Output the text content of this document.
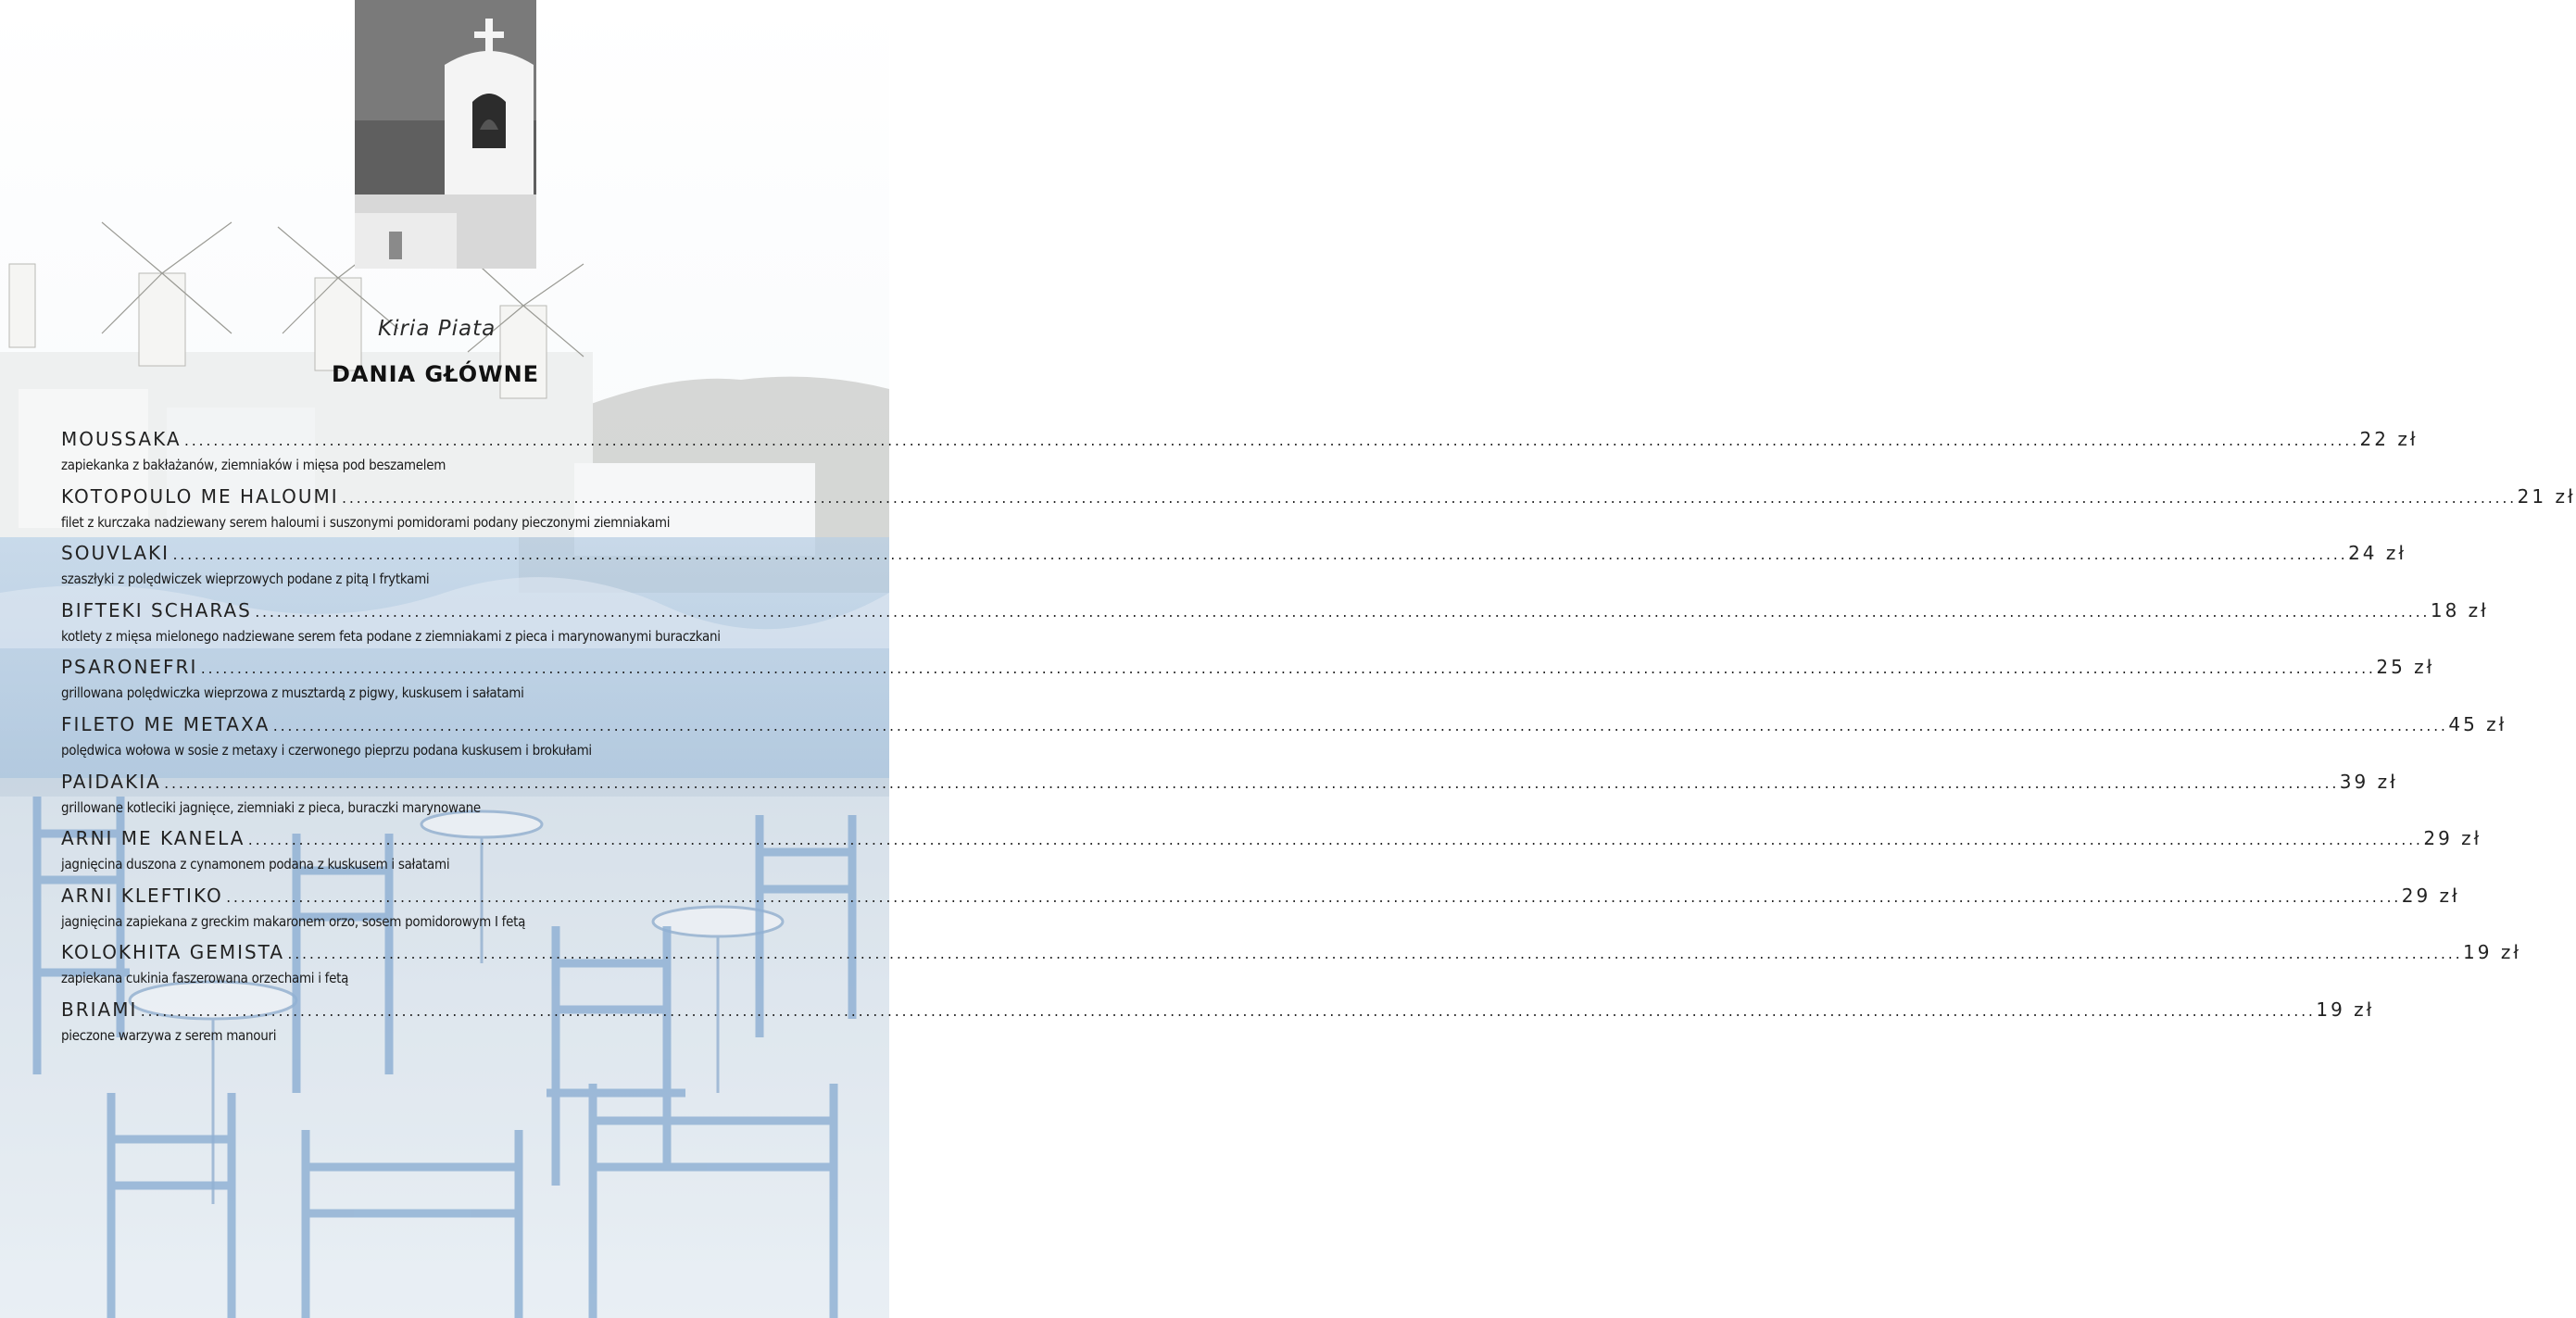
Kiria Piata
DANIA GŁÓWNE
MOUSSAKA ............................................................................................................................................................................................................................................................................................................ 22 zł
zapiekanka z bakłażanów, ziemniaków i mięsa pod beszamelem
KOTOPOULO ME HALOUMI ............................................................................................................................................................................................................................................................................................................ 21 zł
filet z kurczaka nadziewany serem haloumi i suszonymi pomidorami podany pieczonymi ziemniakami
SOUVLAKI ............................................................................................................................................................................................................................................................................................................ 24 zł
szaszłyki z polędwiczek wieprzowych podane z pitą I frytkami
BIFTEKI SCHARAS ............................................................................................................................................................................................................................................................................................................ 18 zł
kotlety z mięsa mielonego nadziewane serem feta podane z ziemniakami z pieca i marynowanymi buraczkani
PSARONEFRI ............................................................................................................................................................................................................................................................................................................ 25 zł
grillowana polędwiczka wieprzowa z musztardą z pigwy, kuskusem i sałatami
FILETO ME METAXA ............................................................................................................................................................................................................................................................................................................ 45 zł
polędwica wołowa w sosie z metaxy i czerwonego pieprzu podana kuskusem i brokułami
PAIDAKIA ............................................................................................................................................................................................................................................................................................................ 39 zł
grillowane kotleciki jagnięce, ziemniaki z pieca, buraczki marynowane
ARNI ME KANELA ............................................................................................................................................................................................................................................................................................................ 29 zł
jagnięcina duszona z cynamonem podana z kuskusem i sałatami
ARNI KLEFTIKO ............................................................................................................................................................................................................................................................................................................ 29 zł
jagnięcina zapiekana z greckim makaronem orzo, sosem pomidorowym I fetą
KOLOKHITA GEMISTA ............................................................................................................................................................................................................................................................................................................ 19 zł
zapiekana cukinia faszerowana orzechami i fetą
BRIAMI ............................................................................................................................................................................................................................................................................................................ 19 zł
pieczone warzywa z serem manouri
